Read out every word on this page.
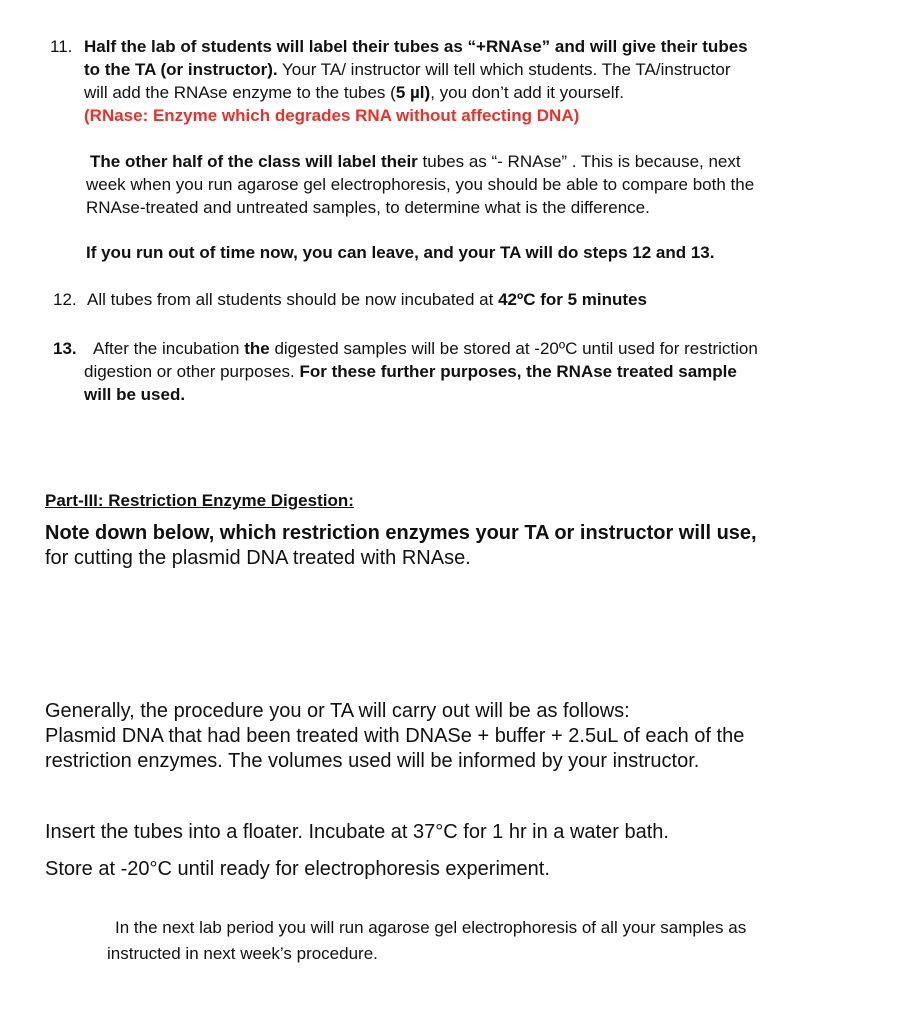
11. Half the lab of students will label their tubes as “+RNAse” and will give their tubes
to the TA (or instructor). Your TA/ instructor will tell which students. The TA/instructor
will add the RNAse enzyme to the tubes (5 µl), you don’t add it yourself.
(RNase: Enzyme which degrades RNA without affecting DNA)
The other half of the class will label their tubes as “- RNAse” . This is because, next
week when you run agarose gel electrophoresis, you should be able to compare both the
RNAse-treated and untreated samples, to determine what is the difference.
If you run out of time now, you can leave, and your TA will do steps 12 and 13.
12. All tubes from all students should be now incubated at 42ºC for 5 minutes
13. After the incubation the digested samples will be stored at -20ºC until used for restriction
digestion or other purposes. For these further purposes, the RNAse treated sample
will be used.
Part-III: Restriction Enzyme Digestion:
Note down below, which restriction enzymes your TA or instructor will use,
for cutting the plasmid DNA treated with RNAse.
Generally, the procedure you or TA will carry out will be as follows:
Plasmid DNA that had been treated with DNASe + buffer + 2.5uL of each of the
restriction enzymes. The volumes used will be informed by your instructor.
Insert the tubes into a floater. Incubate at 37°C for 1 hr in a water bath.
Store at -20°C until ready for electrophoresis experiment.
In the next lab period you will run agarose gel electrophoresis of all your samples as
instructed in next week’s procedure.
